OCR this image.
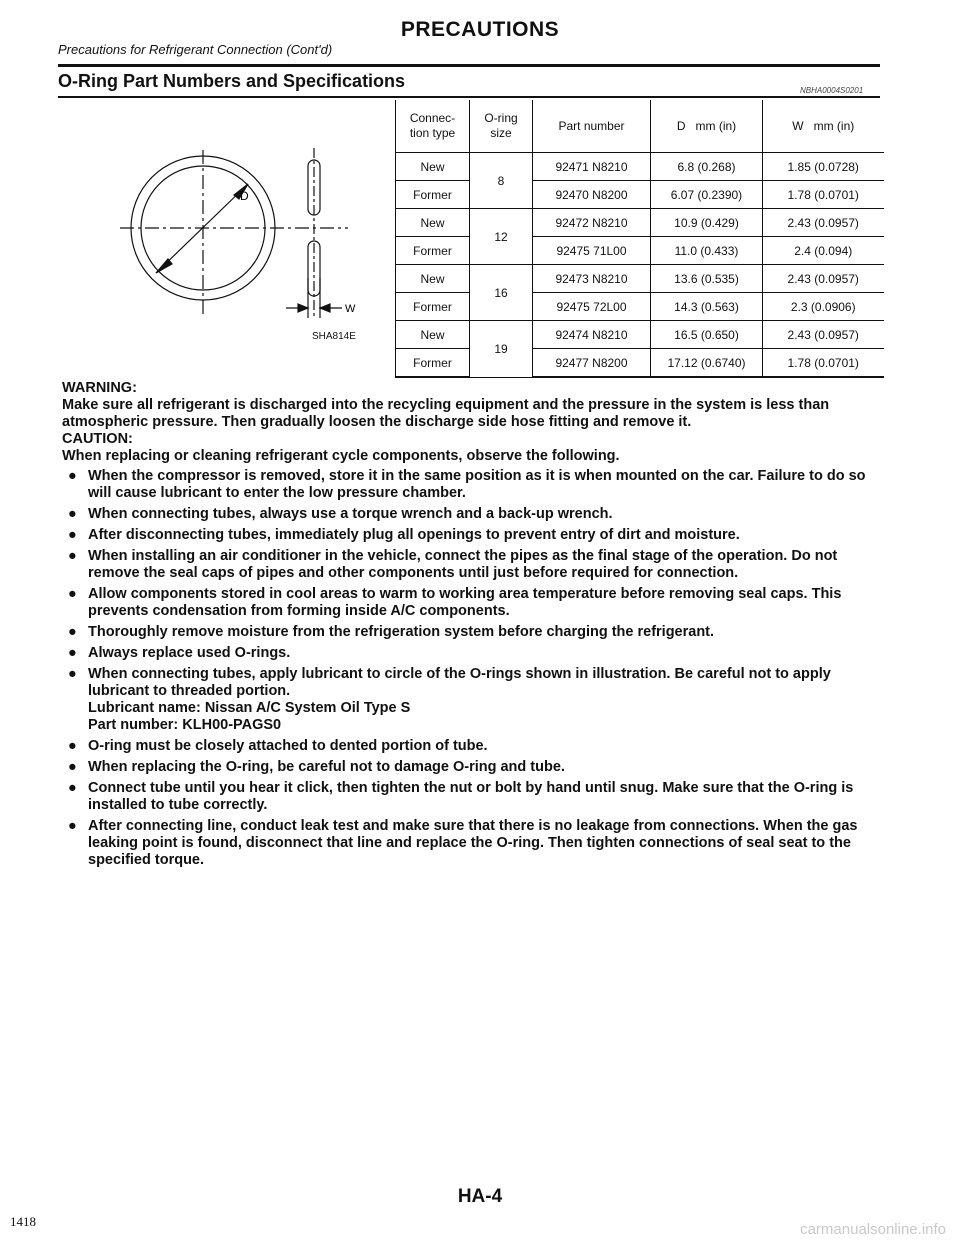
PRECAUTIONS
Precautions for Refrigerant Connection (Cont'd)
O-Ring Part Numbers and Specifications	NBHA0004S0201
D
W
SHA814E
Connec-
tion type	O-ring
size	Part number	D   mm (in)	W   mm (in)
New	8	92471 N8210	6.8 (0.268)	1.85 (0.0728)
Former		92470 N8200	6.07 (0.2390)	1.78 (0.0701)
New	12	92472 N8210	10.9 (0.429)	2.43 (0.0957)
Former		92475 71L00	11.0 (0.433)	2.4 (0.094)
New	16	92473 N8210	13.6 (0.535)	2.43 (0.0957)
Former		92475 72L00	14.3 (0.563)	2.3 (0.0906)
New	19	92474 N8210	16.5 (0.650)	2.43 (0.0957)
Former		92477 N8200	17.12 (0.6740)	1.78 (0.0701)

WARNING:

Make sure all refrigerant is discharged into the recycling equipment and the pressure in the system is less than atmospheric pressure. Then gradually loosen the discharge side hose fitting and remove it.

CAUTION:

When replacing or cleaning refrigerant cycle components, observe the following.

● When the compressor is removed, store it in the same position as it is when mounted on the car. Failure to do so will cause lubricant to enter the low pressure chamber.
● When connecting tubes, always use a torque wrench and a back-up wrench.
● After disconnecting tubes, immediately plug all openings to prevent entry of dirt and moisture.
● When installing an air conditioner in the vehicle, connect the pipes as the final stage of the operation. Do not remove the seal caps of pipes and other components until just before required for connection.
● Allow components stored in cool areas to warm to working area temperature before removing seal caps. This prevents condensation from forming inside A/C components.
● Thoroughly remove moisture from the refrigeration system before charging the refrigerant.
● Always replace used O-rings.
● When connecting tubes, apply lubricant to circle of the O-rings shown in illustration. Be careful not to apply lubricant to threaded portion.
Lubricant name: Nissan A/C System Oil Type S
Part number: KLH00-PAGS0
● O-ring must be closely attached to dented portion of tube.
● When replacing the O-ring, be careful not to damage O-ring and tube.
● Connect tube until you hear it click, then tighten the nut or bolt by hand until snug. Make sure that the O-ring is installed to tube correctly.
● After connecting line, conduct leak test and make sure that there is no leakage from connections. When the gas leaking point is found, disconnect that line and replace the O-ring. Then tighten connections of seal seat to the specified torque.
HA-4
1418	carmanualsonline.info
